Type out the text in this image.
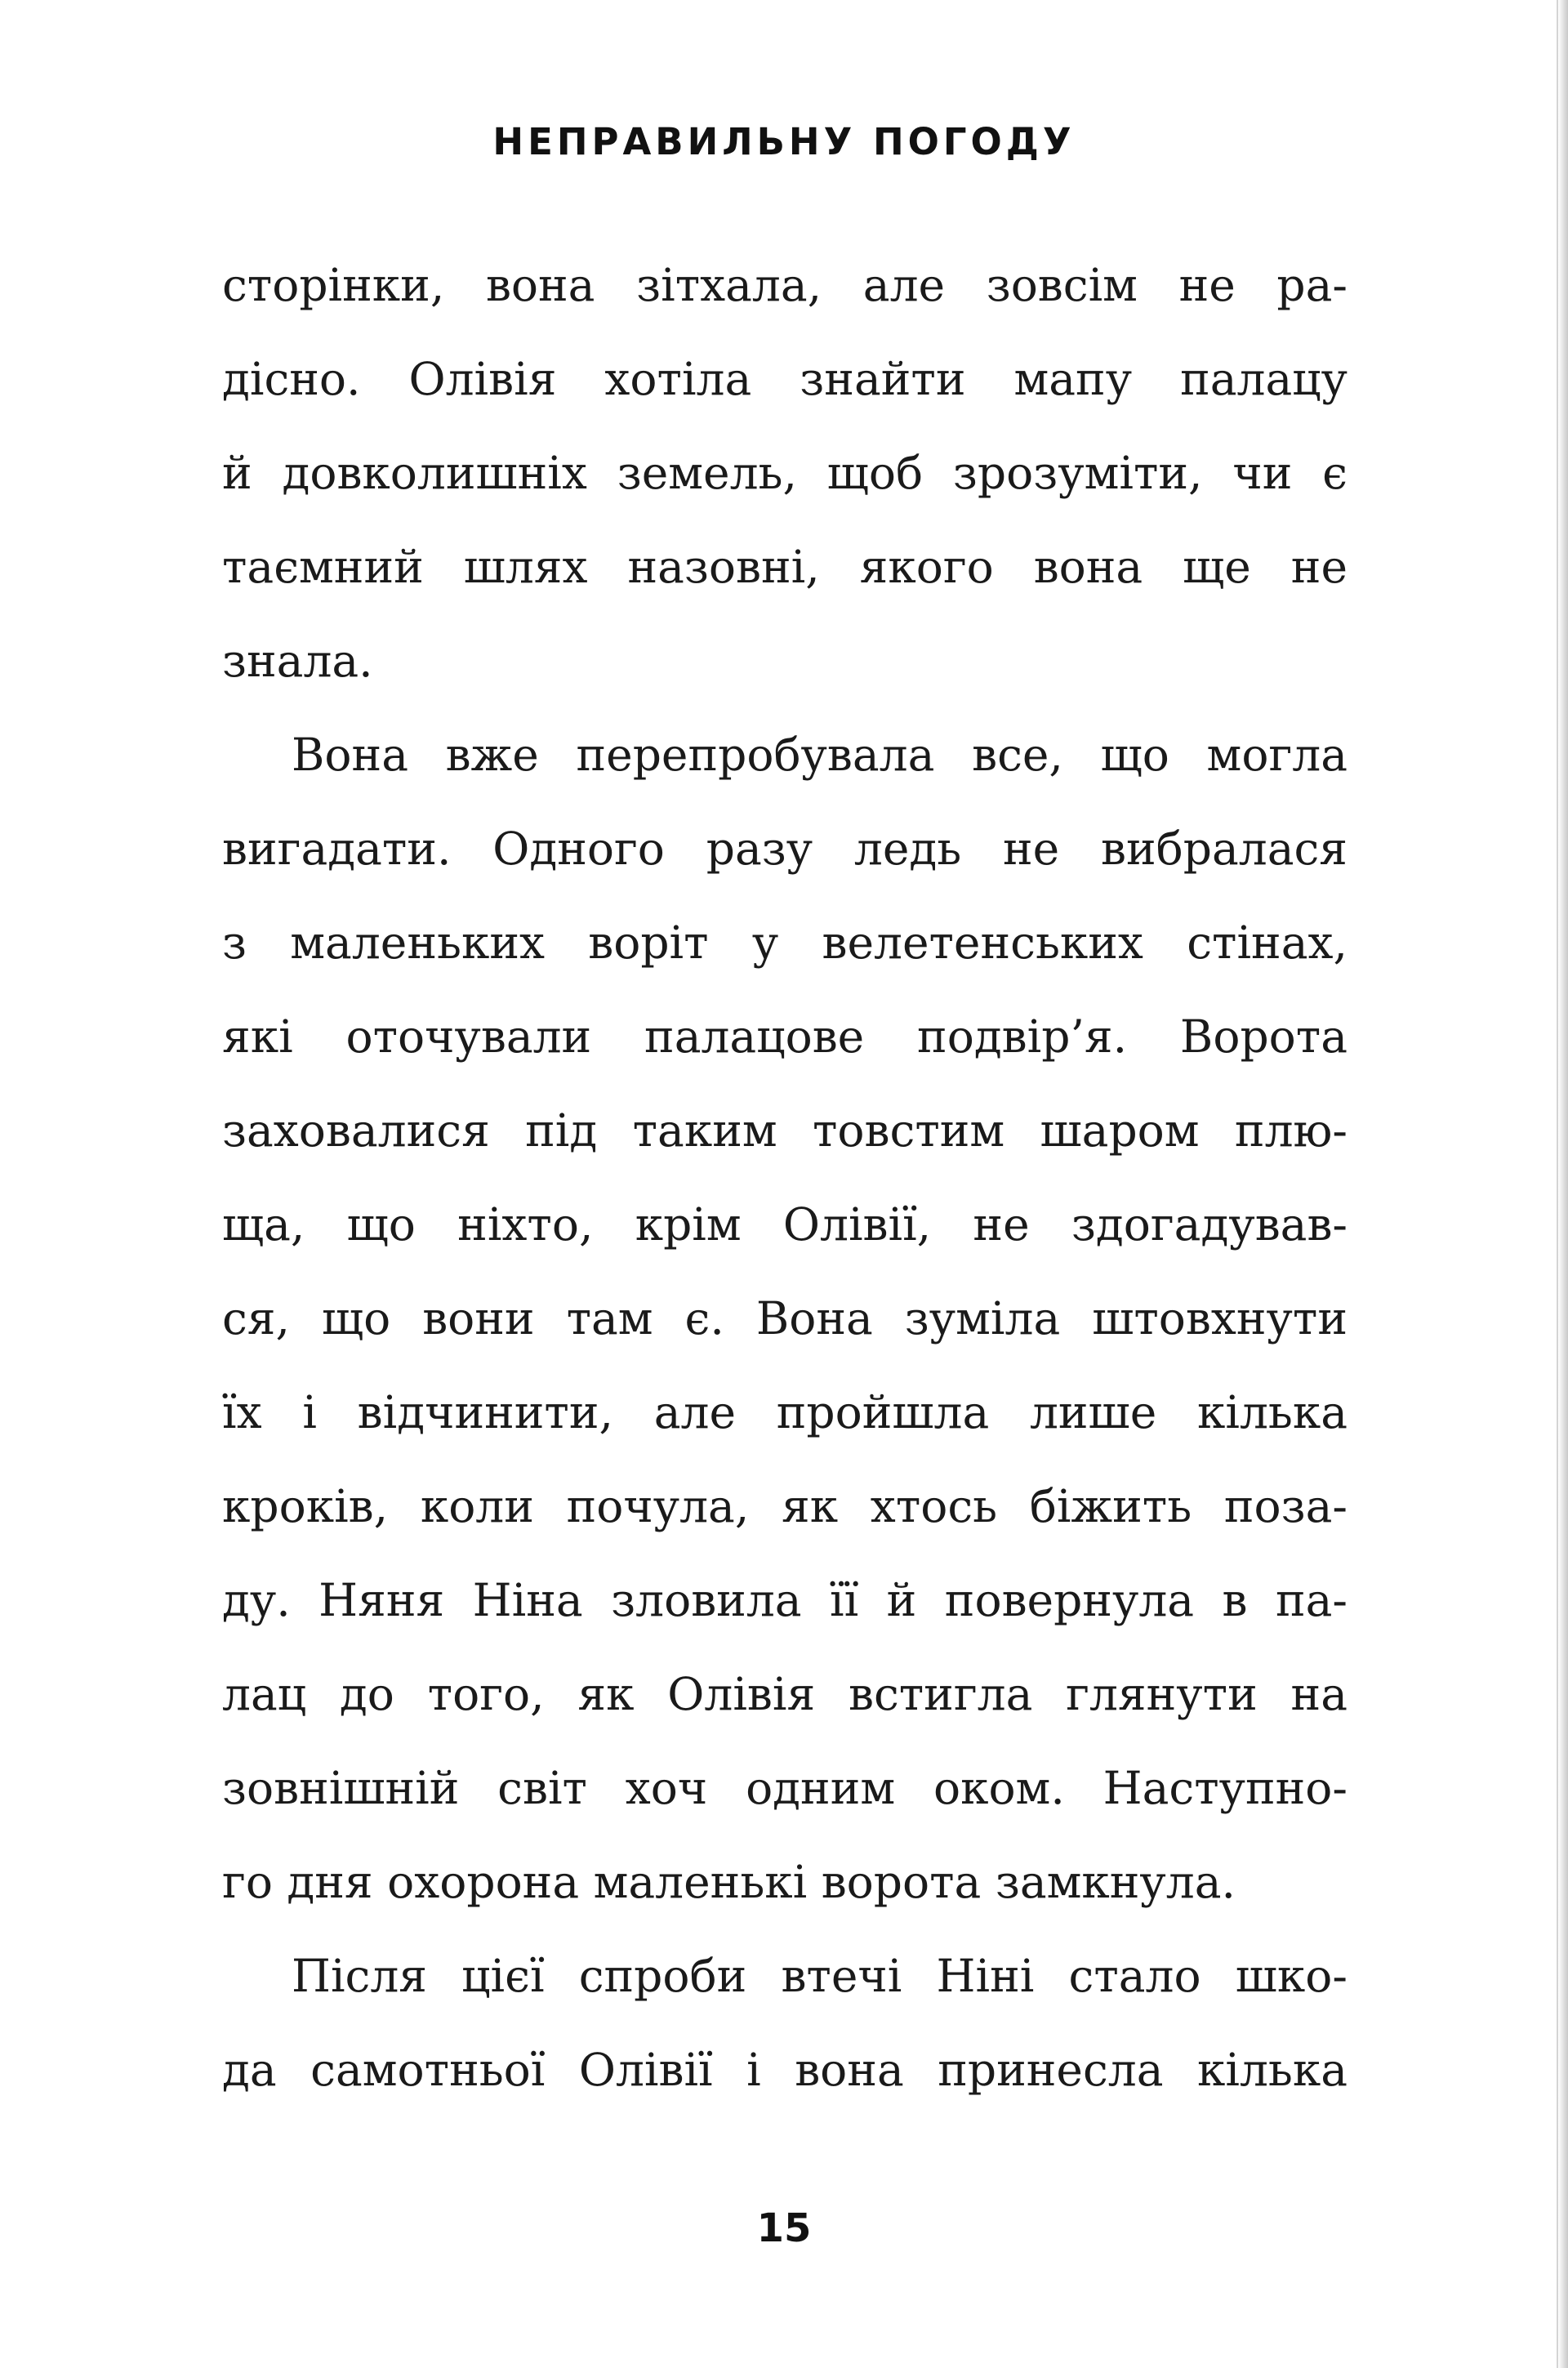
НЕПРАВИЛЬНУ ПОГОДУ
сторінки, вона зітхала, але зовсім не ра-
дісно. Олівія хотіла знайти мапу палацу
й довколишніх земель, щоб зрозуміти, чи є
таємний шлях назовні, якого вона ще не
знала.
Вона вже перепробувала все, що могла
вигадати. Одного разу ледь не вибралася
з маленьких воріт у велетенських стінах,
які оточували палацове подвір’я. Ворота
заховалися під таким товстим шаром плю-
ща, що ніхто, крім Олівії, не здогадував-
ся, що вони там є. Вона зуміла штовхнути
їх і відчинити, але пройшла лише кілька
кроків, коли почула, як хтось біжить поза-
ду. Няня Ніна зловила її й повернула в па-
лац до того, як Олівія встигла глянути на
зовнішній світ хоч одним оком. Наступно-
го дня охорона маленькі ворота замкнула.
Після цієї спроби втечі Ніні стало шко-
да самотньої Олівії і вона принесла кілька
15
